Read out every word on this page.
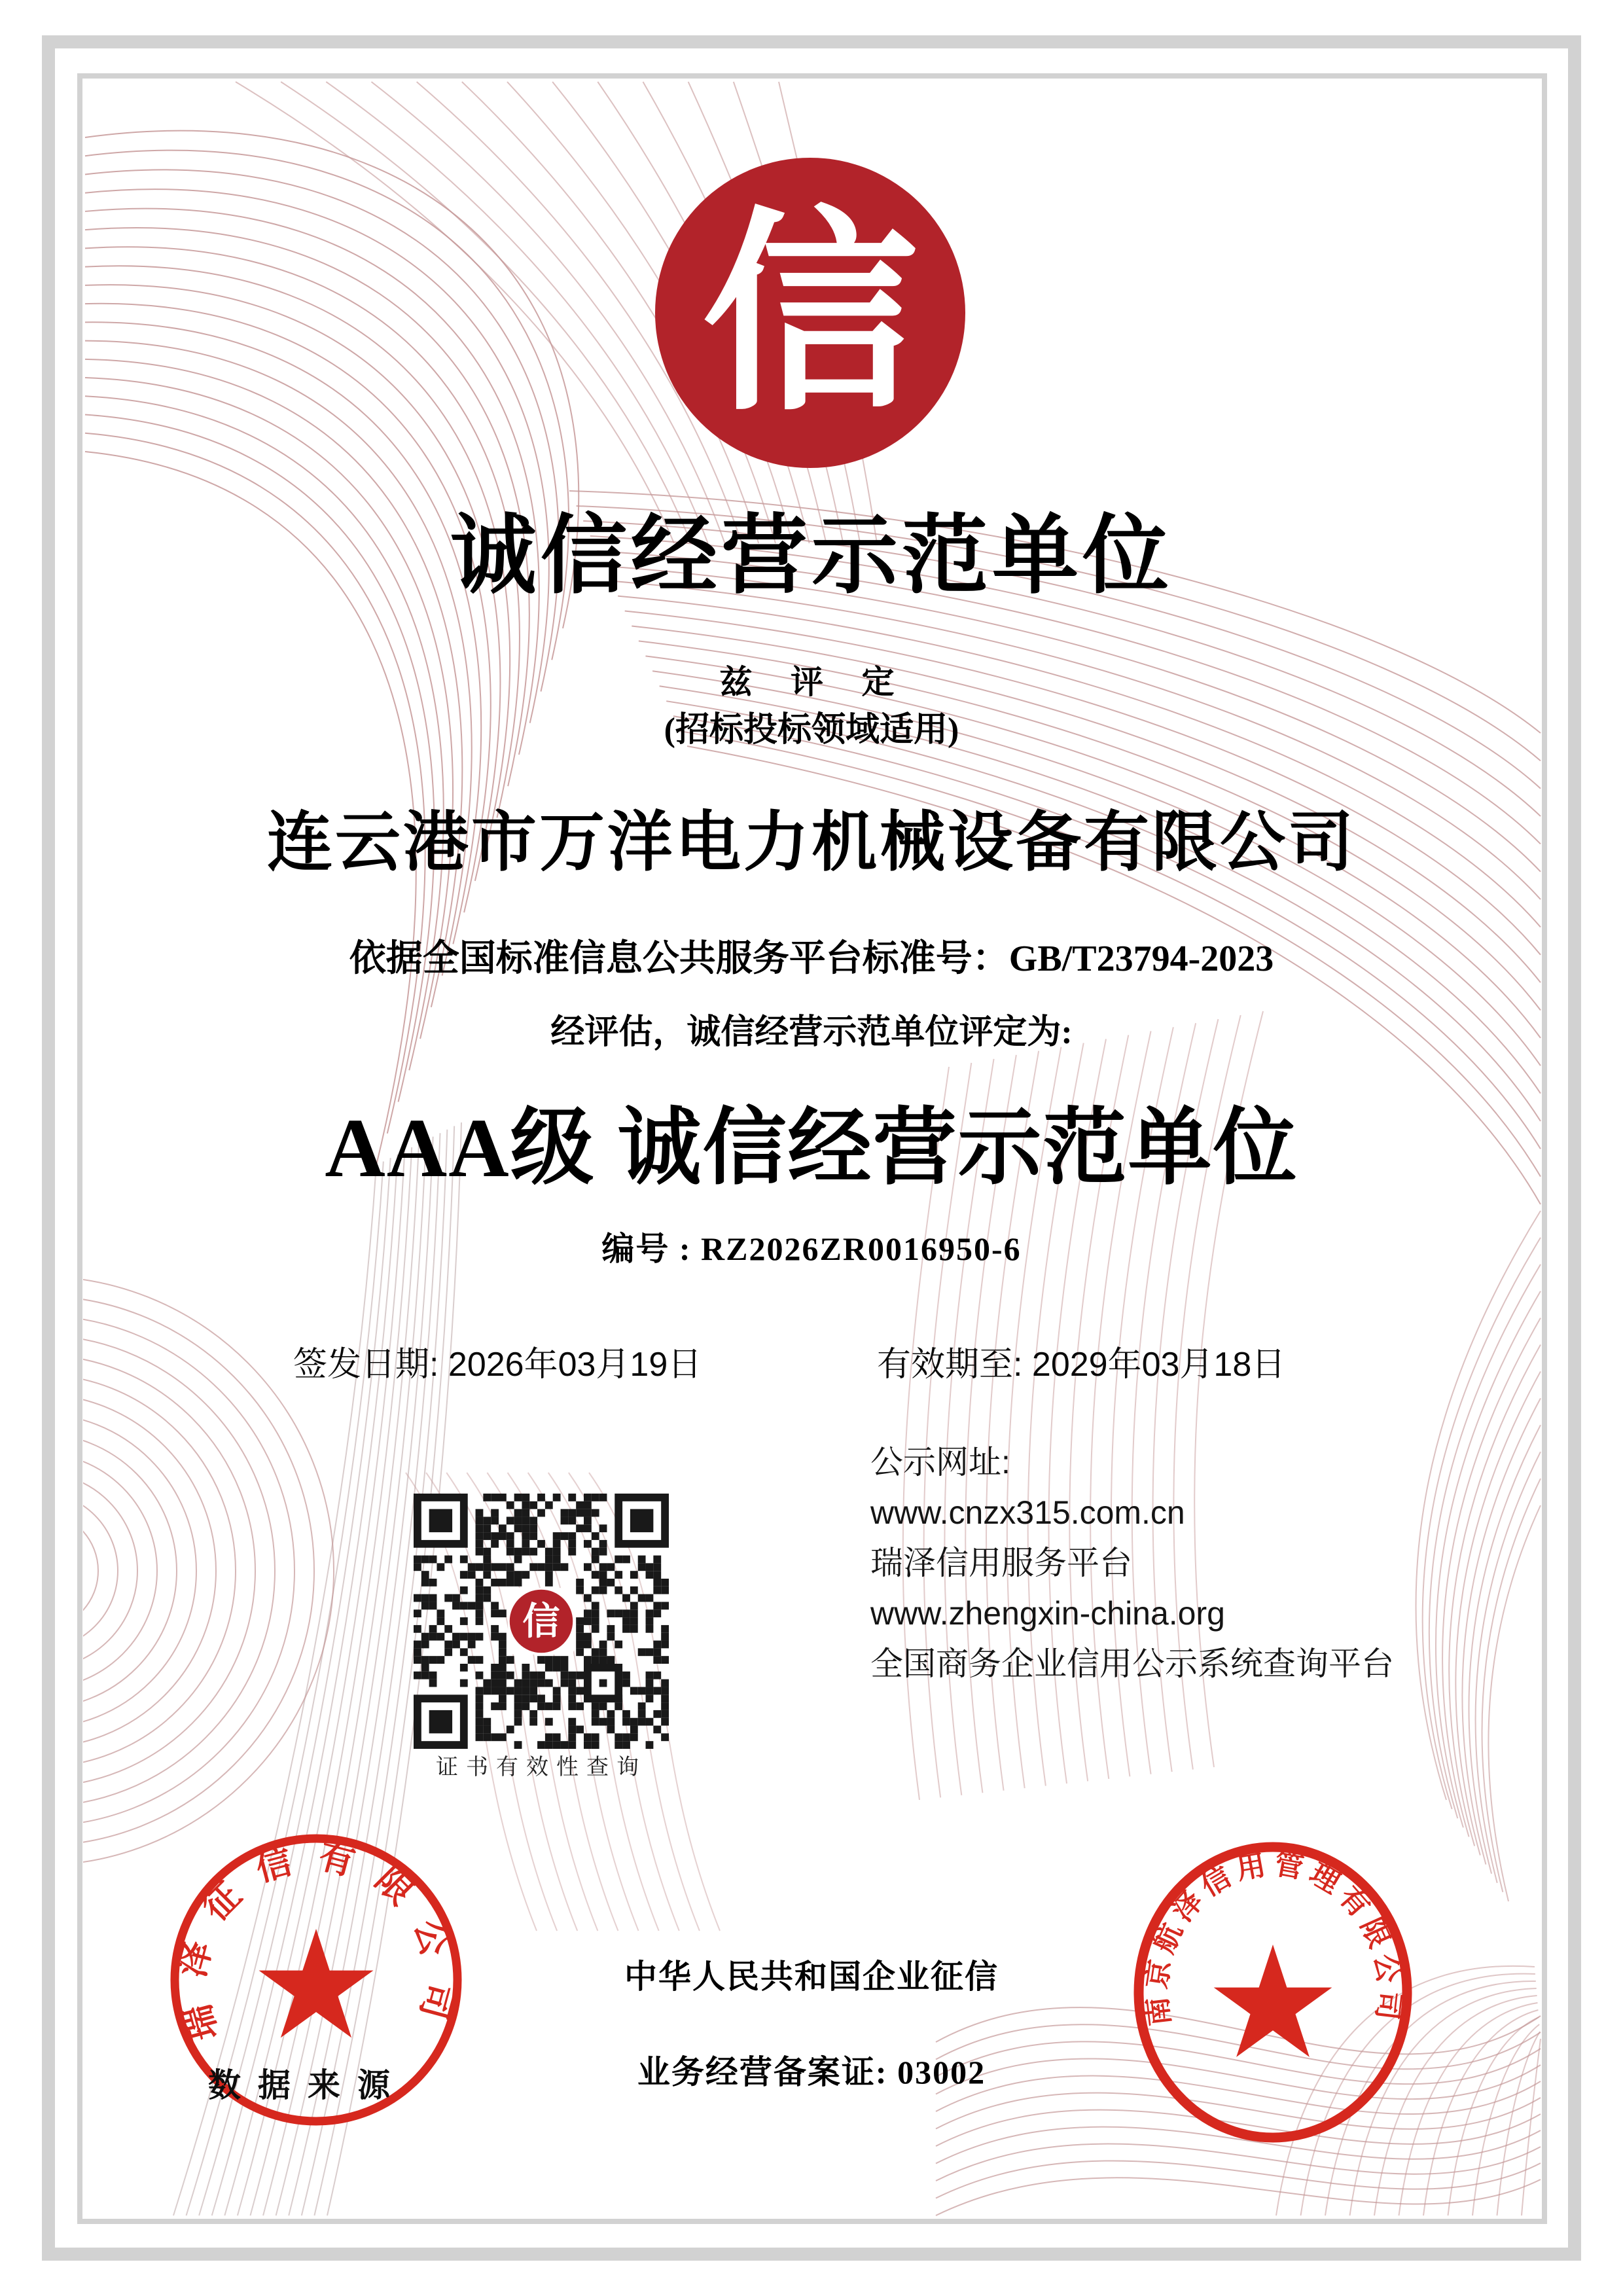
信
诚信经营示范单位
兹 评 定
(招标投标领域适用)
连云港市万洋电力机械设备有限公司
依据全国标准信息公共服务平台标准号：GB/T23794-2023
经评估，诚信经营示范单位评定为:
AAA级 诚信经营示范单位
编号 : RZ2026ZR0016950-6
签发日期: 2026年03月19日	有效期至: 2029年03月18日
信
证书有效性查询
公示网址:
www.cnzx315.com.cn
瑞泽信用服务平台
www.zhengxin-china.org
全国商务企业信用公示系统查询平台
中华人民共和国企业征信
业务经营备案证: 03002
瑞泽征信有限公司
数据来源
南京航泽信用管理有限公司
